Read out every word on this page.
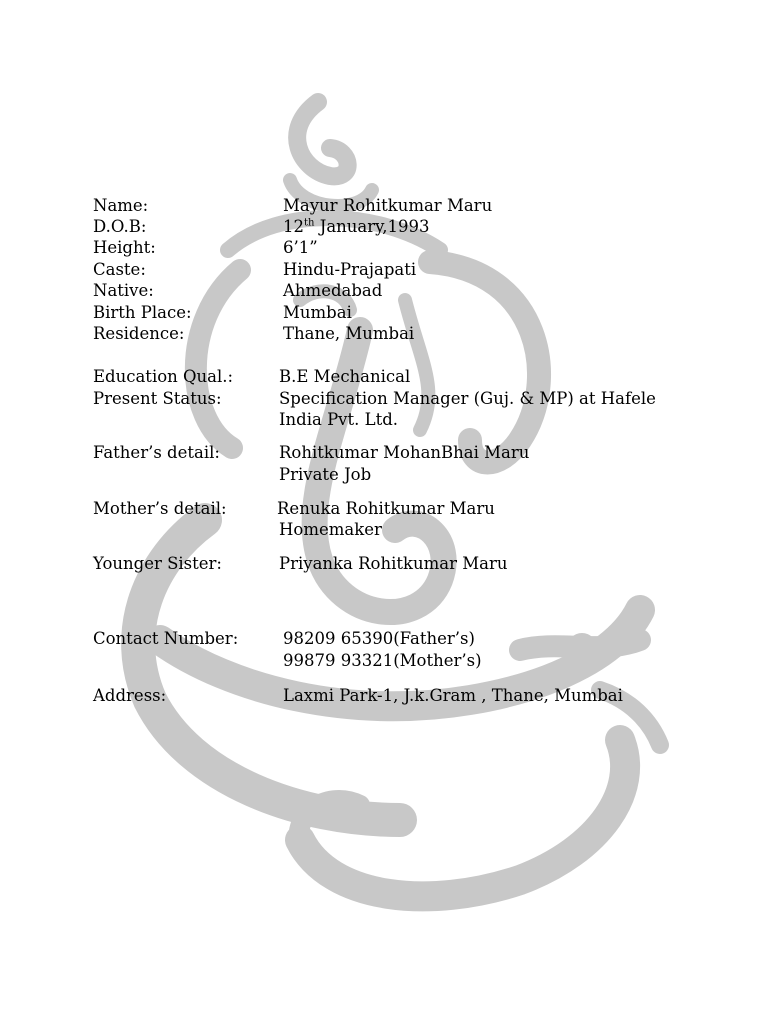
Name:	Mayur Rohitkumar Maru
D.O.B:	12th January,1993
Height:	6’1”
Caste:	Hindu-Prajapati
Native:	Ahmedabad
Birth Place:	Mumbai
Residence:	Thane, Mumbai
Education Qual.:	B.E Mechanical
Present Status:	Specification Manager (Guj. & MP) at Hafele
India Pvt. Ltd.
Father’s detail:	Rohitkumar MohanBhai Maru
Private Job
Mother’s detail:	Renuka Rohitkumar Maru
Homemaker
Younger Sister:	Priyanka Rohitkumar Maru
Contact Number:	98209 65390(Father’s)
99879 93321(Mother’s)
Address:	Laxmi Park-1, J.k.Gram , Thane, Mumbai
